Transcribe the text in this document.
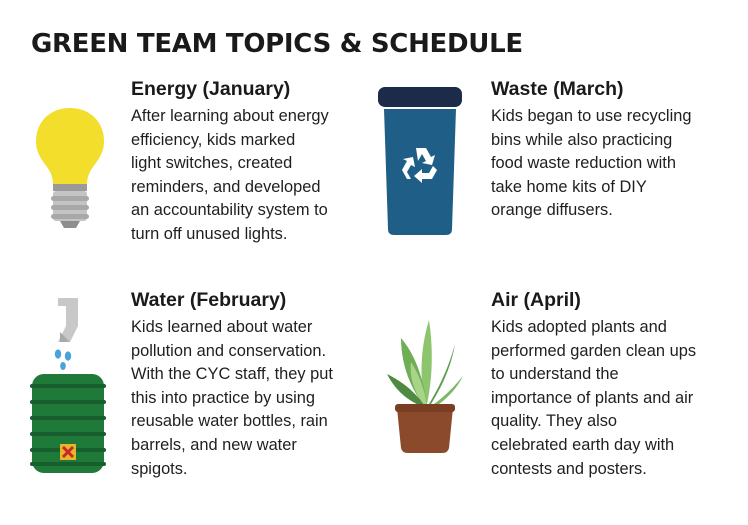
GREEN TEAM TOPICS & SCHEDULE
Energy (January)

After learning about energy
efficiency, kids marked
light switches, created
reminders, and developed
an accountability system to
turn off unused lights.

Waste (March)

Kids began to use recycling
bins while also practicing
food waste reduction with
take home kits of DIY
orange diffusers.

Water (February)

Kids learned about water
pollution and conservation.
With the CYC staff, they put
this into practice by using
reusable water bottles, rain
barrels, and new water
spigots.

Air (April)

Kids adopted plants and
performed garden clean ups
to understand the
importance of plants and air
quality. They also
celebrated earth day with
contests and posters.
